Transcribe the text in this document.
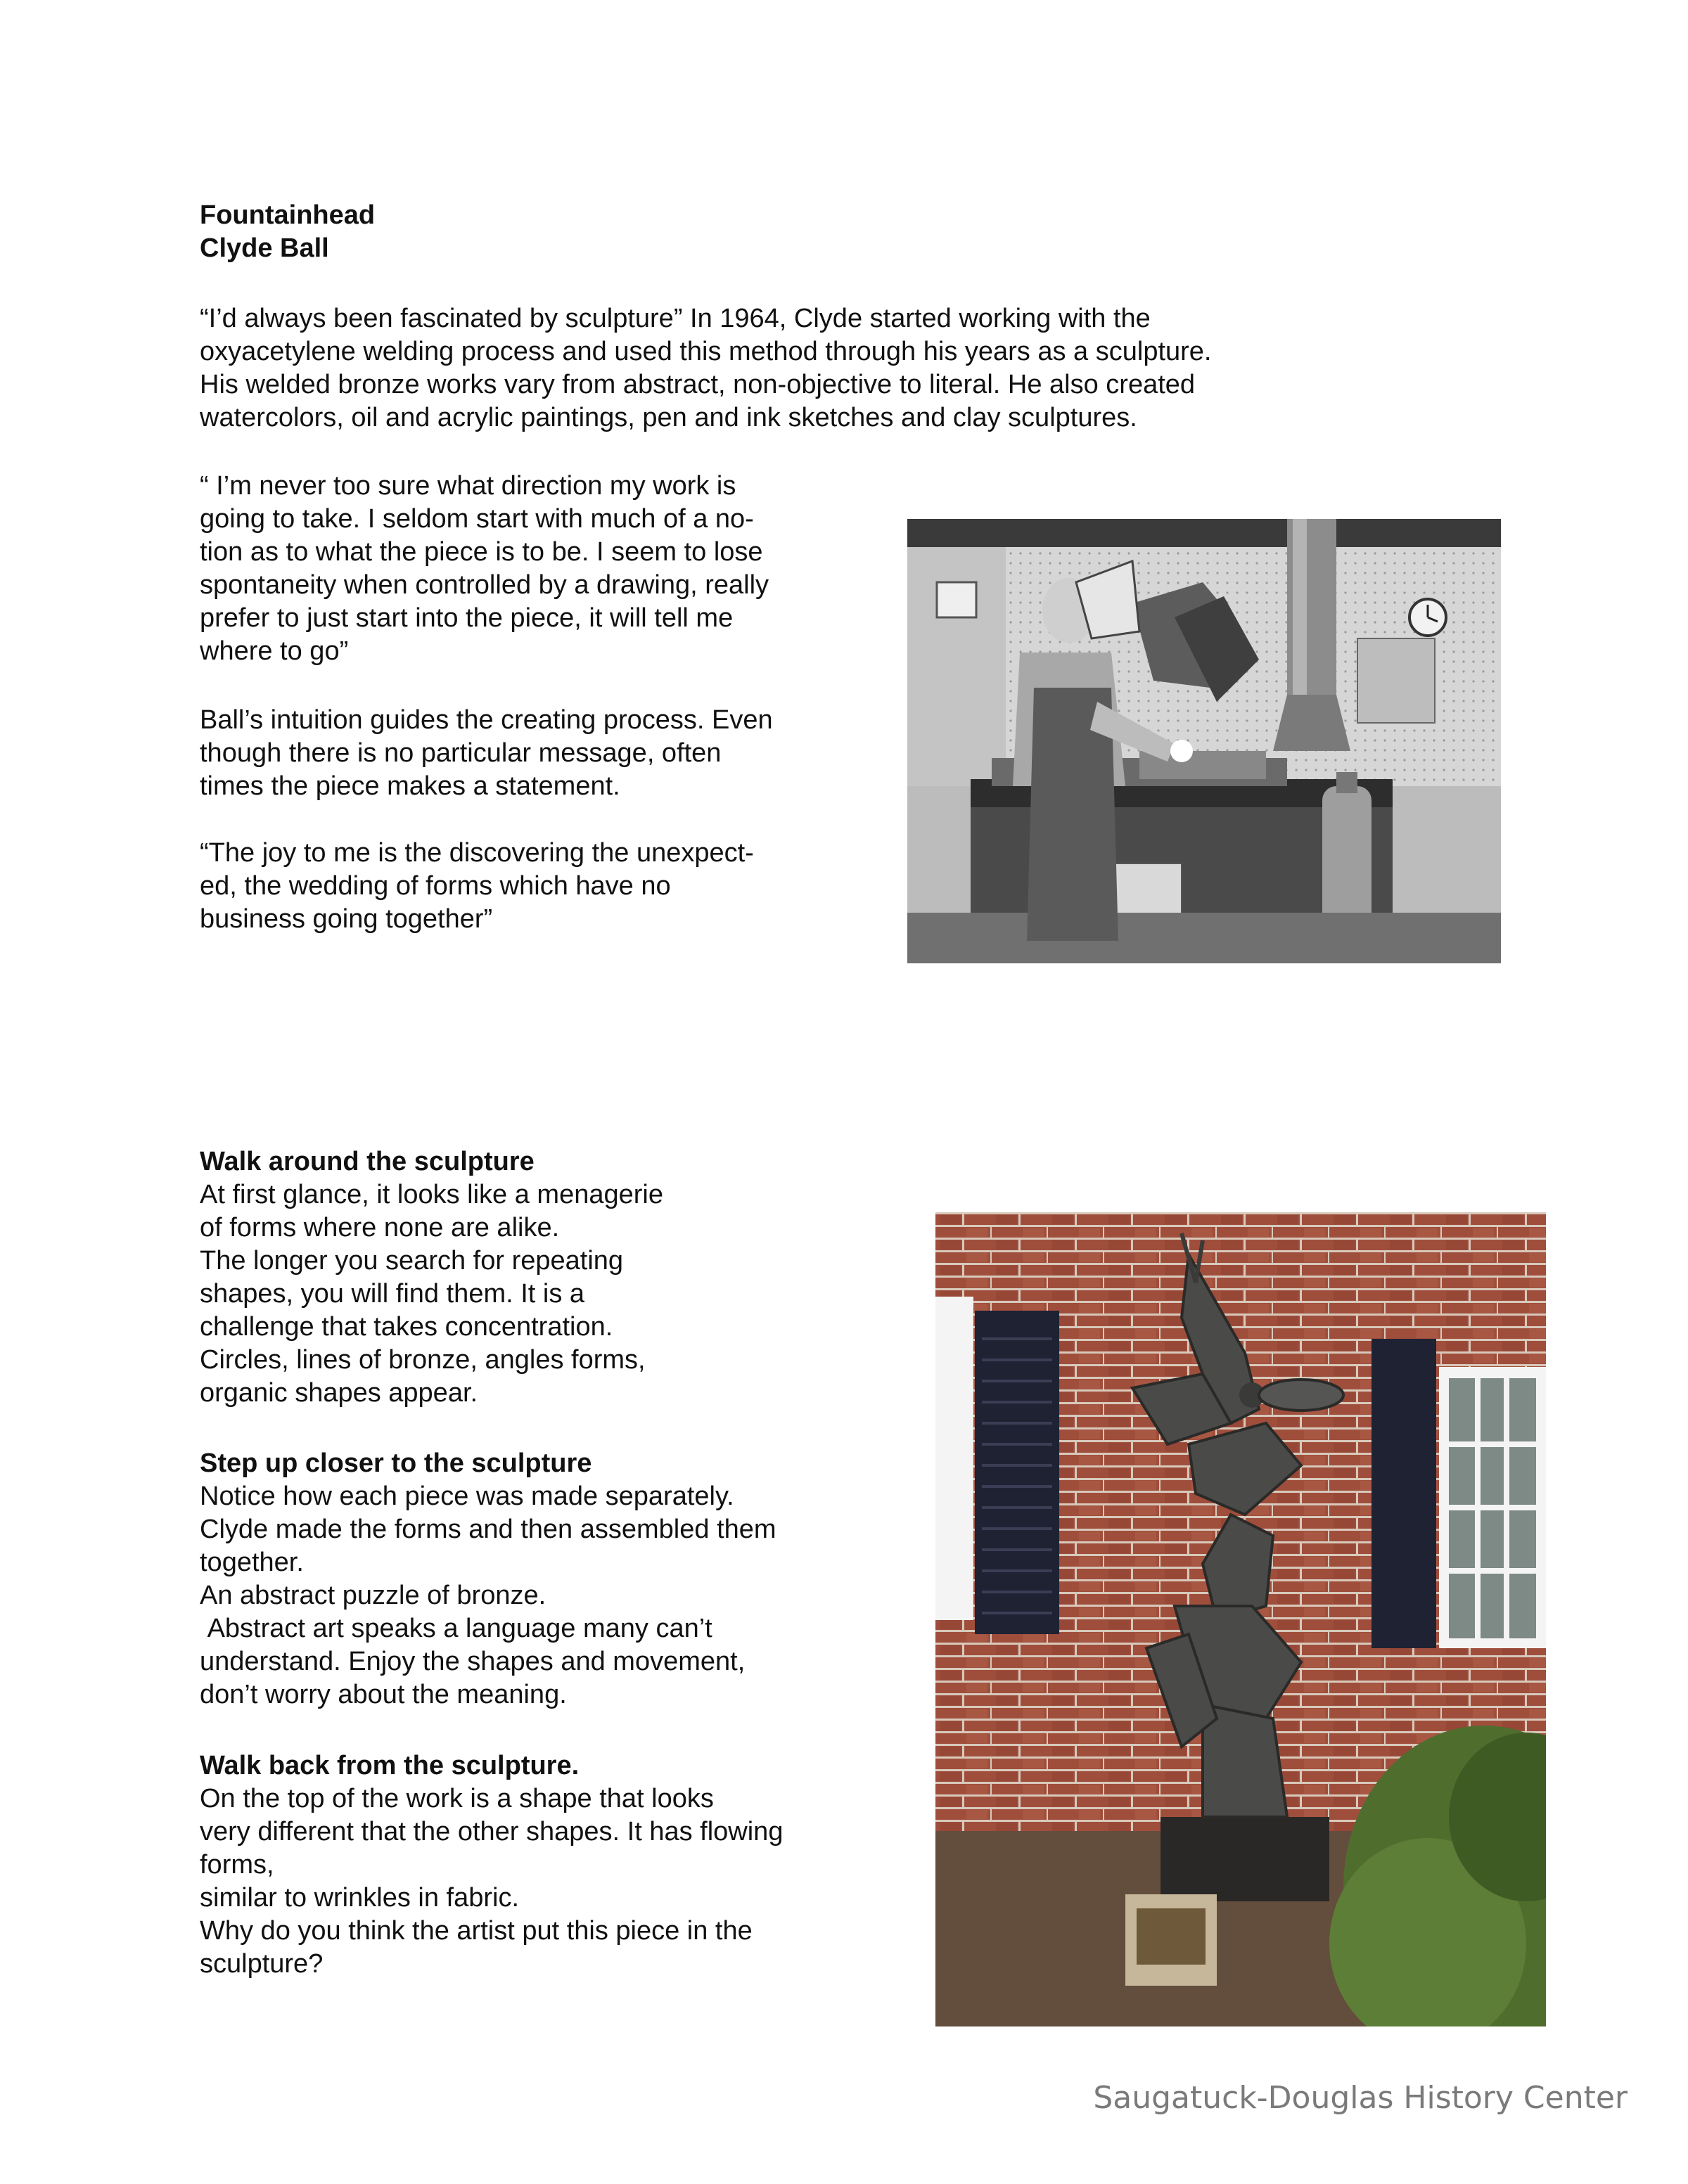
Fountainhead

Clyde Ball

“I’d always been fascinated by sculpture” In 1964, Clyde started working with the

oxyacetylene welding process and used this method through his years as a sculpture.

His welded bronze works vary from abstract, non-objective to literal. He also created

watercolors, oil and acrylic paintings, pen and ink sketches and clay sculptures.

“ I’m never too sure what direction my work is

going to take. I seldom start with much of a no-

tion as to what the piece is to be. I seem to lose

spontaneity when controlled by a drawing, really

prefer to just start into the piece, it will tell me

where to go”

Ball’s intuition guides the creating process. Even

though there is no particular message, often

times the piece makes a statement.

“The joy to me is the discovering the unexpect-

ed, the wedding of forms which have no

business going together”

Walk around the sculpture

At first glance, it looks like a menagerie

of forms where none are alike.

The longer you search for repeating

shapes, you will find them. It is a

challenge that takes concentration.

Circles, lines of bronze, angles forms,

organic shapes appear.

Step up closer to the sculpture

Notice how each piece was made separately.

Clyde made the forms and then assembled them

together.

An abstract puzzle of bronze.

Abstract art speaks a language many can’t

understand. Enjoy the shapes and movement,

don’t worry about the meaning.

Walk back from the sculpture.

On the top of the work is a shape that looks

very different that the other shapes. It has flowing

forms,

similar to wrinkles in fabric.

Why do you think the artist put this piece in the

sculpture?

Saugatuck-Douglas History Center
